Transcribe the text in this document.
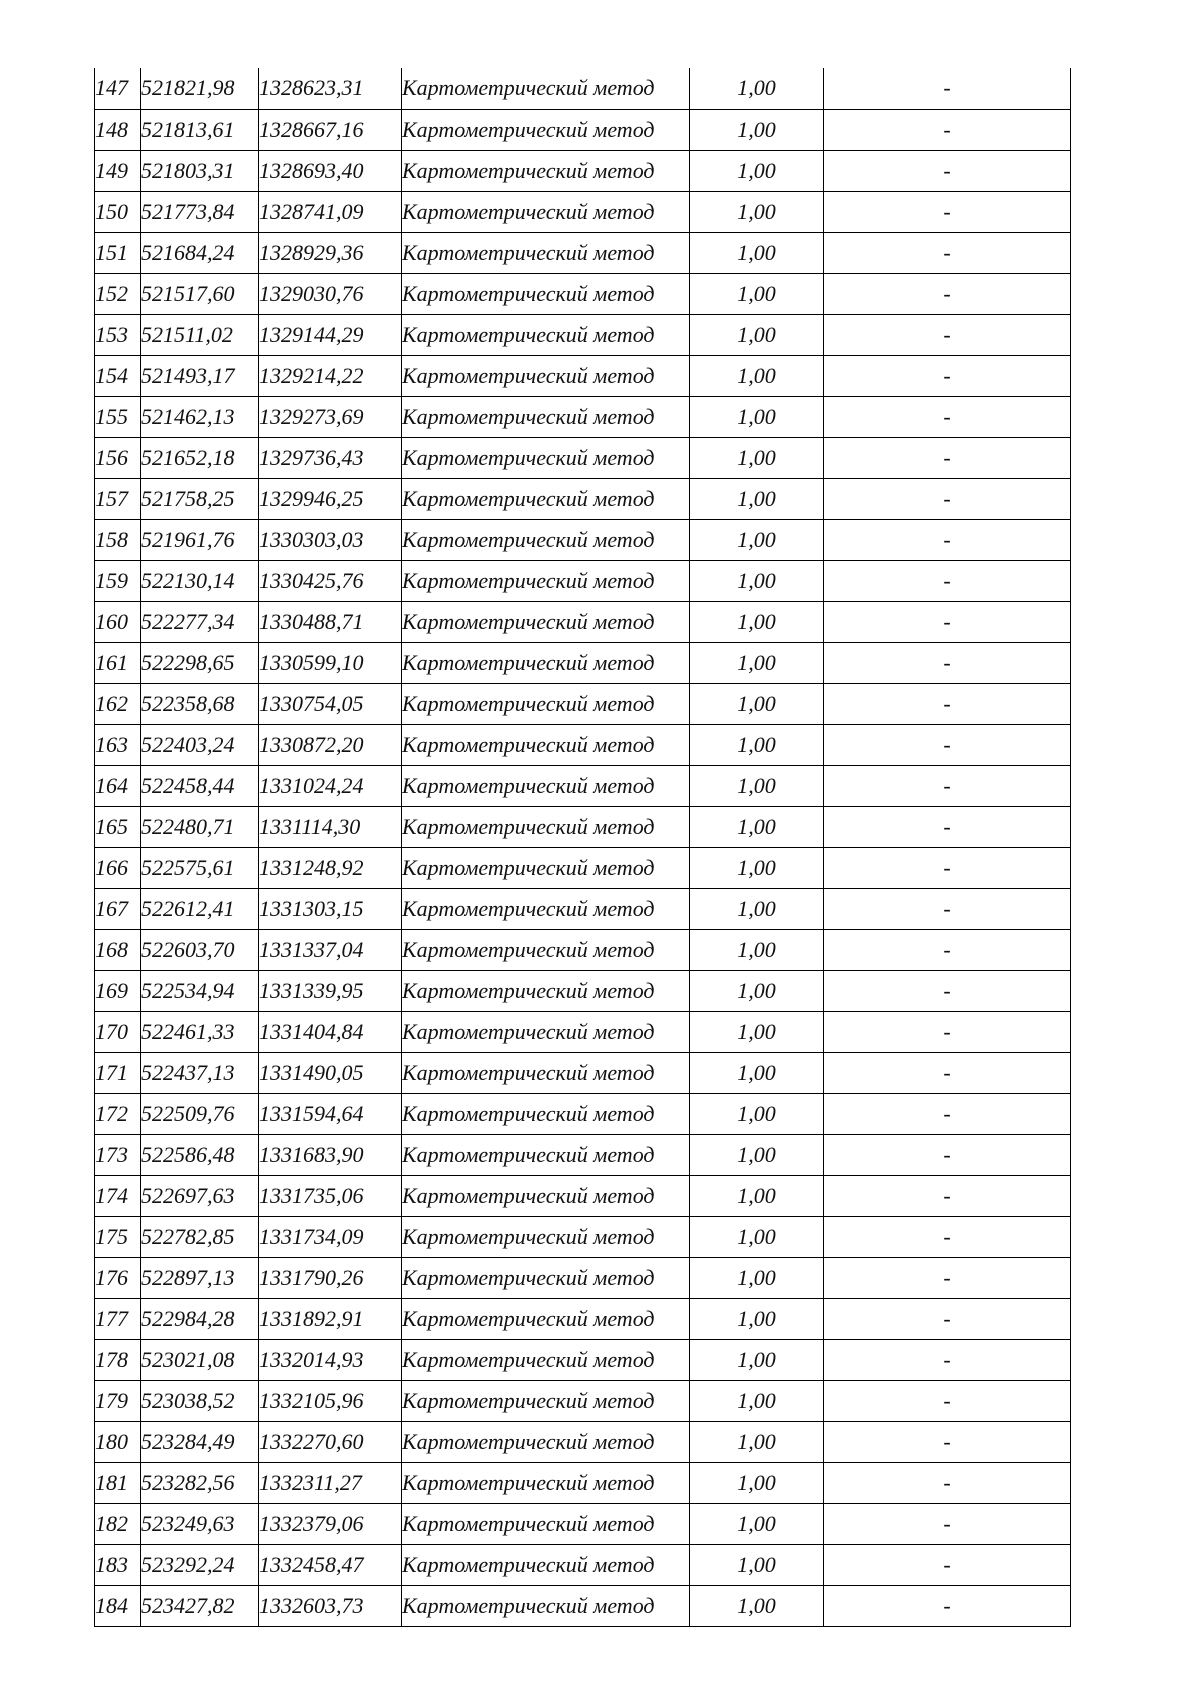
147	521821,98	1328623,31	Картометрический метод	1,00	-
148	521813,61	1328667,16	Картометрический метод	1,00	-
149	521803,31	1328693,40	Картометрический метод	1,00	-
150	521773,84	1328741,09	Картометрический метод	1,00	-
151	521684,24	1328929,36	Картометрический метод	1,00	-
152	521517,60	1329030,76	Картометрический метод	1,00	-
153	521511,02	1329144,29	Картометрический метод	1,00	-
154	521493,17	1329214,22	Картометрический метод	1,00	-
155	521462,13	1329273,69	Картометрический метод	1,00	-
156	521652,18	1329736,43	Картометрический метод	1,00	-
157	521758,25	1329946,25	Картометрический метод	1,00	-
158	521961,76	1330303,03	Картометрический метод	1,00	-
159	522130,14	1330425,76	Картометрический метод	1,00	-
160	522277,34	1330488,71	Картометрический метод	1,00	-
161	522298,65	1330599,10	Картометрический метод	1,00	-
162	522358,68	1330754,05	Картометрический метод	1,00	-
163	522403,24	1330872,20	Картометрический метод	1,00	-
164	522458,44	1331024,24	Картометрический метод	1,00	-
165	522480,71	1331114,30	Картометрический метод	1,00	-
166	522575,61	1331248,92	Картометрический метод	1,00	-
167	522612,41	1331303,15	Картометрический метод	1,00	-
168	522603,70	1331337,04	Картометрический метод	1,00	-
169	522534,94	1331339,95	Картометрический метод	1,00	-
170	522461,33	1331404,84	Картометрический метод	1,00	-
171	522437,13	1331490,05	Картометрический метод	1,00	-
172	522509,76	1331594,64	Картометрический метод	1,00	-
173	522586,48	1331683,90	Картометрический метод	1,00	-
174	522697,63	1331735,06	Картометрический метод	1,00	-
175	522782,85	1331734,09	Картометрический метод	1,00	-
176	522897,13	1331790,26	Картометрический метод	1,00	-
177	522984,28	1331892,91	Картометрический метод	1,00	-
178	523021,08	1332014,93	Картометрический метод	1,00	-
179	523038,52	1332105,96	Картометрический метод	1,00	-
180	523284,49	1332270,60	Картометрический метод	1,00	-
181	523282,56	1332311,27	Картометрический метод	1,00	-
182	523249,63	1332379,06	Картометрический метод	1,00	-
183	523292,24	1332458,47	Картометрический метод	1,00	-
184	523427,82	1332603,73	Картометрический метод	1,00	-
